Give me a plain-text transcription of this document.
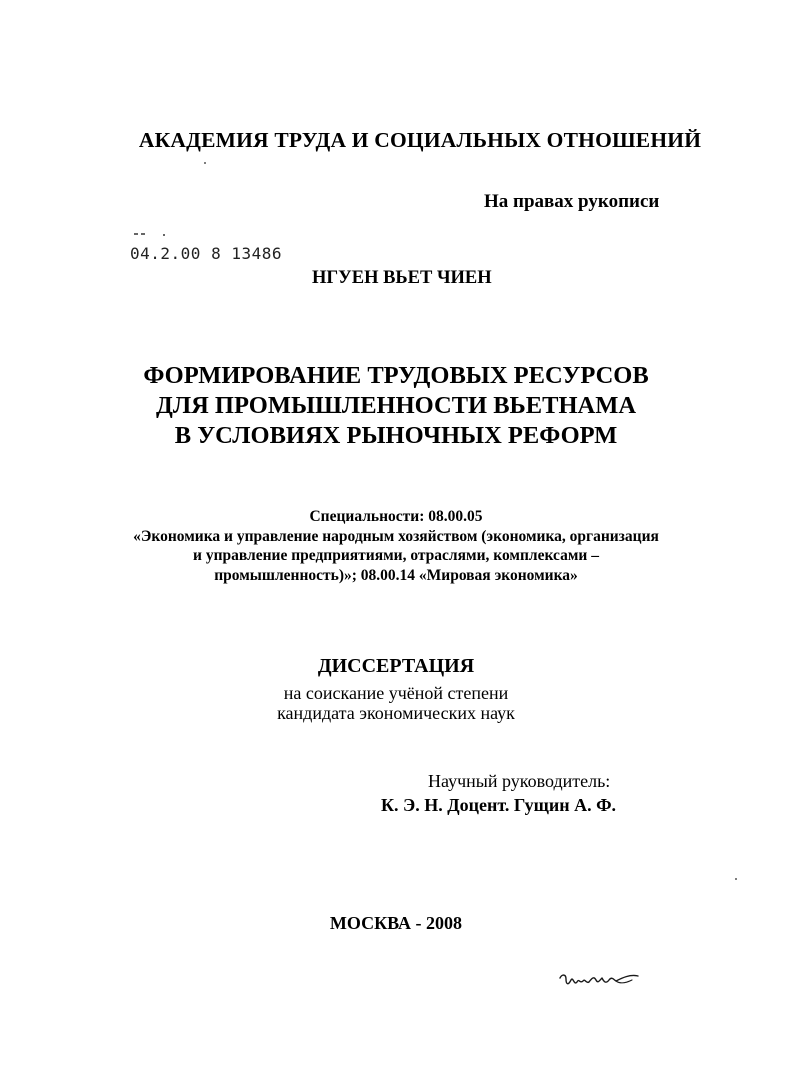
АКАДЕМИЯ ТРУДА И СОЦИАЛЬНЫХ ОТНОШЕНИЙ
На правах рукописи
04.2.00 8 13486
НГУЕН ВЬЕТ ЧИЕН
ФОРМИРОВАНИЕ ТРУДОВЫХ РЕСУРСОВ
ДЛЯ ПРОМЫШЛЕННОСТИ ВЬЕТНАМА
В УСЛОВИЯХ РЫНОЧНЫХ РЕФОРМ
Специальности: 08.00.05
«Экономика и управление народным хозяйством (экономика, организация
и управление предприятиями, отраслями, комплексами –
промышленность)»; 08.00.14 «Мировая экономика»
ДИССЕРТАЦИЯ
на соискание учёной степени
кандидата экономических наук
Научный руководитель:
К. Э. Н. Доцент. Гущин А. Ф.
МОСКВА - 2008
